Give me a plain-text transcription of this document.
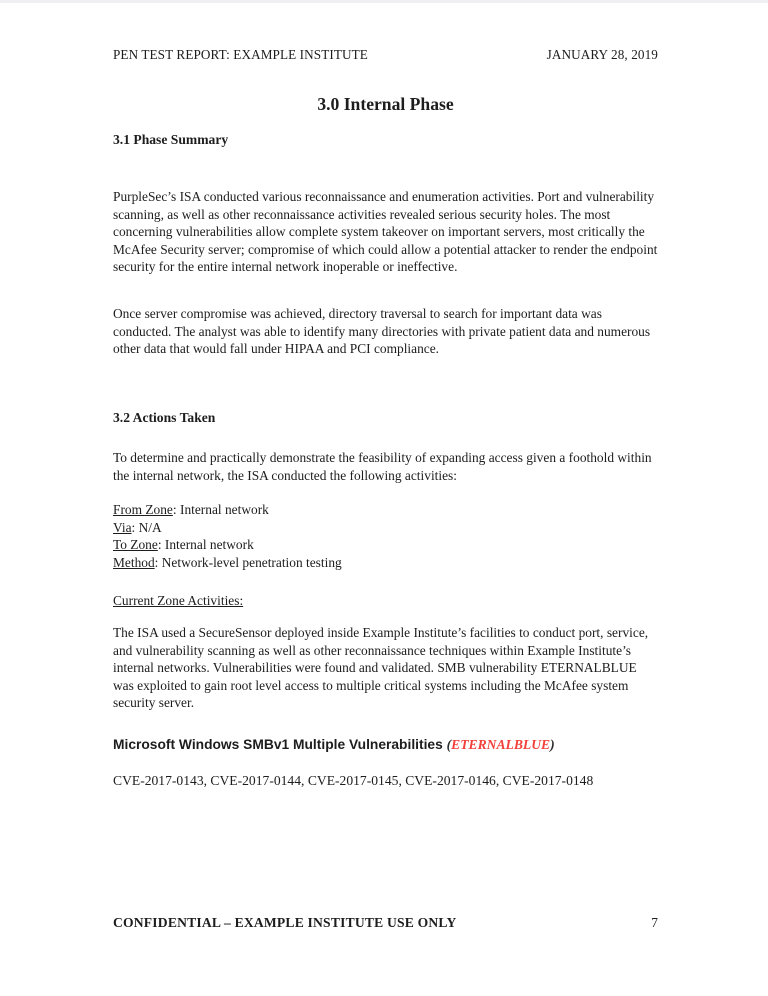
PEN TEST REPORT: EXAMPLE INSTITUTE	JANUARY 28, 2019
3.0 Internal Phase
3.1 Phase Summary

PurpleSec’s ISA conducted various reconnaissance and enumeration activities. Port and vulnerability scanning, as well as other reconnaissance activities revealed serious security holes. The most concerning vulnerabilities allow complete system takeover on important servers, most critically the McAfee Security server; compromise of which could allow a potential attacker to render the endpoint security for the entire internal network inoperable or ineffective.

Once server compromise was achieved, directory traversal to search for important data was conducted. The analyst was able to identify many directories with private patient data and numerous other data that would fall under HIPAA and PCI compliance.

3.2 Actions Taken

To determine and practically demonstrate the feasibility of expanding access given a foothold within the internal network, the ISA conducted the following activities:

From Zone: Internal network
Via: N/A
To Zone: Internal network
Method: Network-level penetration testing
Current Zone Activities:

The ISA used a SecureSensor deployed inside Example Institute’s facilities to conduct port, service, and vulnerability scanning as well as other reconnaissance techniques within Example Institute’s internal networks. Vulnerabilities were found and validated. SMB vulnerability ETERNALBLUE was exploited to gain root level access to multiple critical systems including the McAfee system security server.

Microsoft Windows SMBv1 Multiple Vulnerabilities (ETERNALBLUE)

CVE-2017-0143, CVE-2017-0144, CVE-2017-0145, CVE-2017-0146, CVE-2017-0148

CONFIDENTIAL – EXAMPLE INSTITUTE USE ONLY	7
